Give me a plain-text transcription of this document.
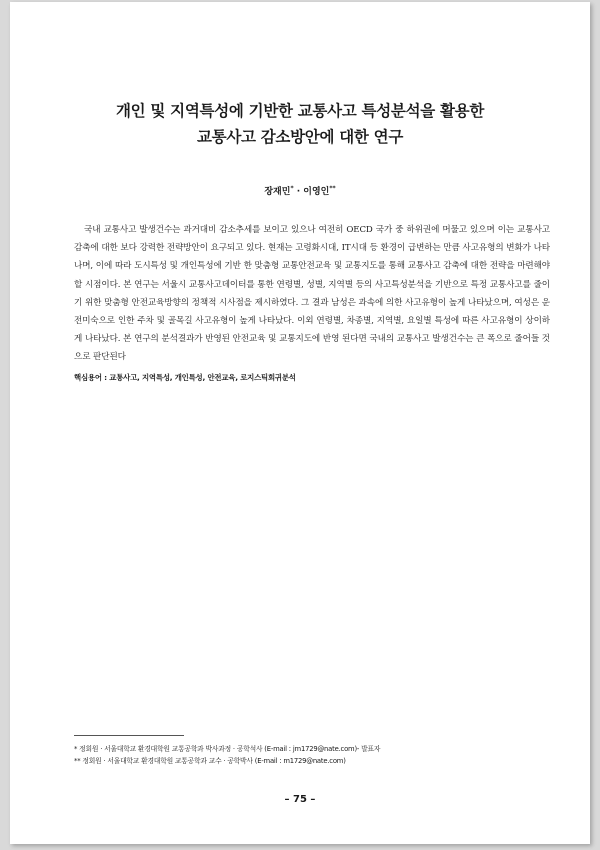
개인 및 지역특성에 기반한 교통사고 특성분석을 활용한
교통사고 감소방안에 대한 연구
장재민* · 이영인**
국내 교통사고 발생건수는 과거대비 감소추세를 보이고 있으나 여전히 OECD 국가 중 하위권에 머물고 있으며 이는 교통사고 감축에 대한 보다 강력한 전략방안이 요구되고 있다. 현재는 고령화시대, IT시대 등 환경이 급변하는 만큼 사고유형의 변화가 나타나며, 이에 따라 도시특성 및 개인특성에 기반 한 맞춤형 교통안전교육 및 교통지도를 통해 교통사고 감축에 대한 전략을 마련해야 할 시점이다. 본 연구는 서울시 교통사고데이터를 통한 연령별, 성별, 지역별 등의 사고특성분석을 기반으로 특정 교통사고를 줄이기 위한 맞춤형 안전교육방향의 정책적 시사점을 제시하였다. 그 결과 남성은 과속에 의한 사고유형이 높게 나타났으며, 여성은 운전미숙으로 인한 주차 및 골목길 사고유형이 높게 나타났다. 이외 연령별, 차종별, 지역별, 요일별 특성에 따른 사고유형이 상이하게 나타났다. 본 연구의 분석결과가 반영된 안전교육 및 교통지도에 반영 된다면 국내의 교통사고 발생건수는 큰 폭으로 줄어들 것으로 판단된다
핵심용어 : 교통사고, 지역특성, 개인특성, 안전교육, 로지스틱회귀분석
* 정회원 · 서울대학교 환경대학원 교통공학과 박사과정 · 공학석사 (E-mail : jm1729@nate.com)- 발표자
** 정회원 · 서울대학교 환경대학원 교통공학과 교수 · 공학박사 (E-mail : m1729@nate.com)
– 75 –
